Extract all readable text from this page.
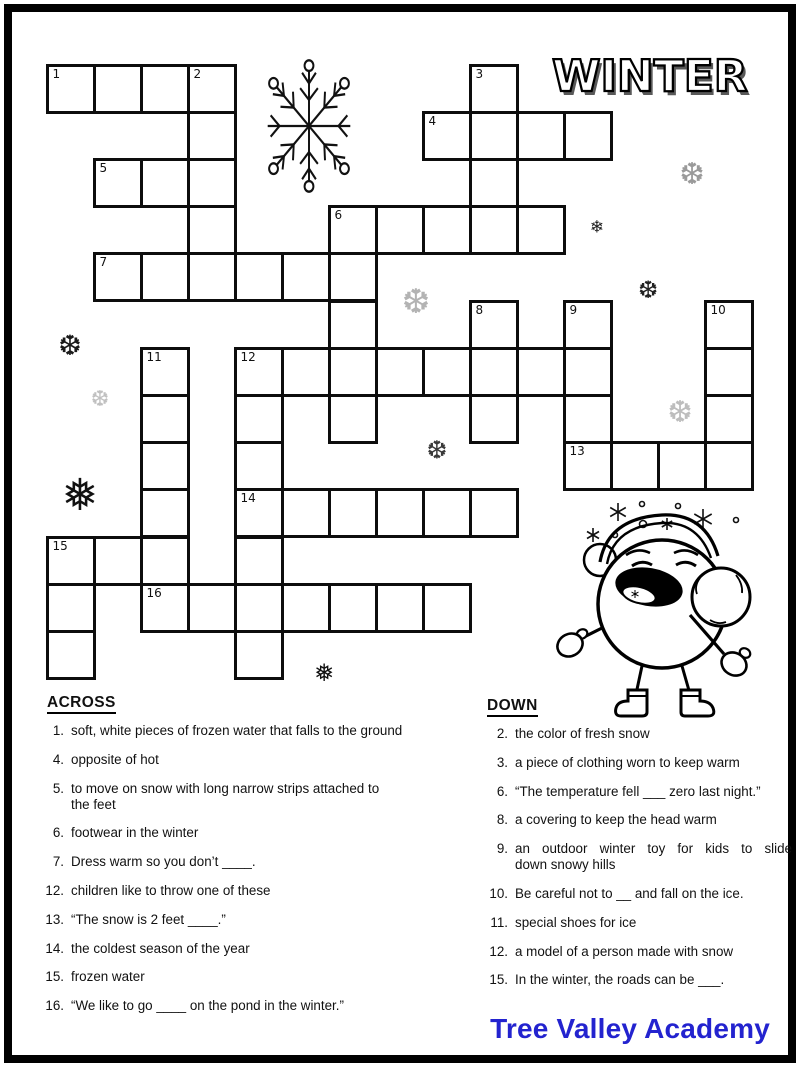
WINTER
1	2	3
4
5
6
7
8	9
13
10
11
16
12
14
15
❆
❄
❆
❆
❆
❅
❆
❆
❆
❅
ACROSS
1. soft, white pieces of frozen water that falls to the ground
4. opposite of hot
5. to move on snow with long narrow strips attached to
the feet
6. footwear in the winter
7. Dress warm so you don’t ____.
12. children like to throw one of these
13. “The snow is 2 feet ____.”
14. the coldest season of the year
15. frozen water
16. “We like to go ____ on the pond in the winter.”
DOWN
2. the color of fresh snow
3. a piece of clothing worn to keep warm
6. “The temperature fell ___ zero last night.”
8. a covering to keep the head warm
9. an outdoor winter toy for kids to slide
down snowy hills
10. Be careful not to __ and fall on the ice.
11. special shoes for ice
12. a model of a person made with snow
15. In the winter, the roads can be ___.
Tree Valley Academy
